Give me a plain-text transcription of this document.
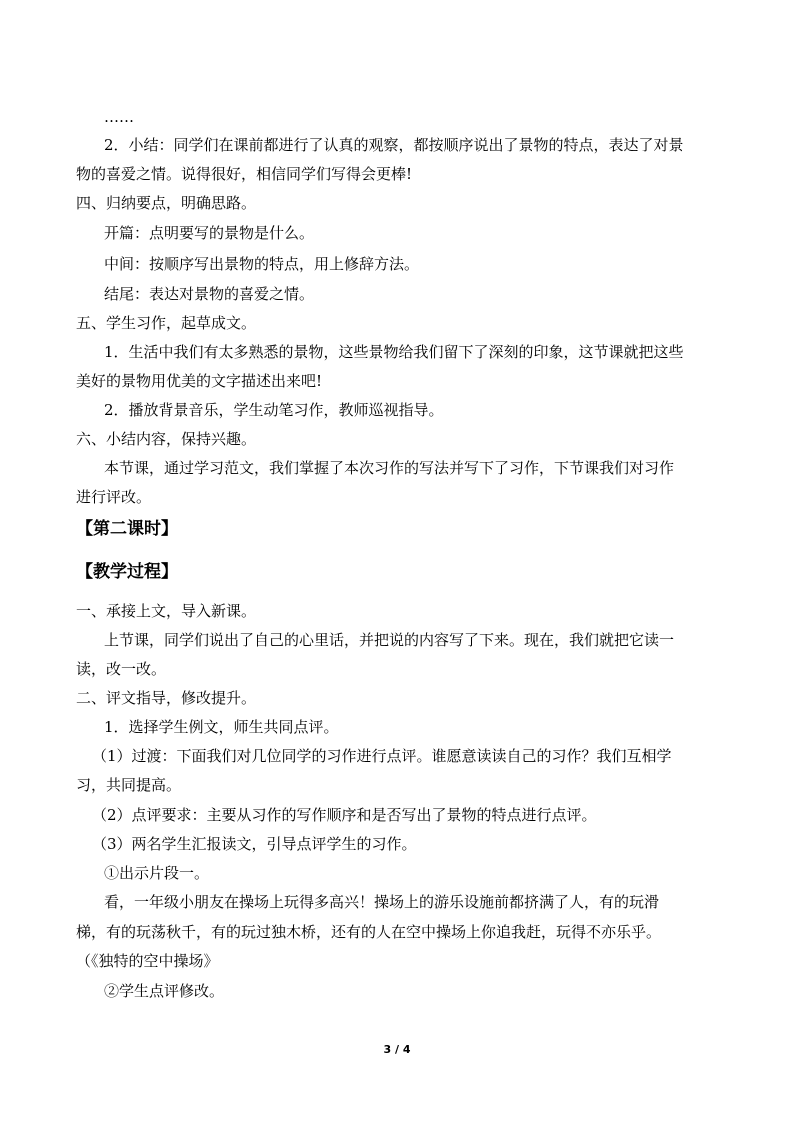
……
2．小结：同学们在课前都进行了认真的观察，都按顺序说出了景物的特点，表达了对景
物的喜爱之情。说得很好，相信同学们写得会更棒!
四、归纳要点，明确思路。
开篇：点明要写的景物是什么。
中间：按顺序写出景物的特点，用上修辞方法。
结尾：表达对景物的喜爱之情。
五、学生习作，起草成文。
1．生活中我们有太多熟悉的景物，这些景物给我们留下了深刻的印象，这节课就把这些
美好的景物用优美的文字描述出来吧!
2．播放背景音乐，学生动笔习作，教师巡视指导。
六、小结内容，保持兴趣。
本节课，通过学习范文，我们掌握了本次习作的写法并写下了习作，下节课我们对习作
进行评改。
【第二课时】
【教学过程】
一、承接上文，导入新课。
上节课，同学们说出了自己的心里话，并把说的内容写了下来。现在，我们就把它读一
读，改一改。
二、评文指导，修改提升。
1．选择学生例文，师生共同点评。
（1）过渡：下面我们对几位同学的习作进行点评。谁愿意读读自己的习作？我们互相学
习，共同提高。
（2）点评要求：主要从习作的写作顺序和是否写出了景物的特点进行点评。
（3）两名学生汇报读文，引导点评学生的习作。
①出示片段一。
看，一年级小朋友在操场上玩得多高兴！操场上的游乐设施前都挤满了人，有的玩滑
梯，有的玩荡秋千，有的玩过独木桥，还有的人在空中操场上你追我赶，玩得不亦乐乎。
（《独特的空中操场》
②学生点评修改。
3 / 4
